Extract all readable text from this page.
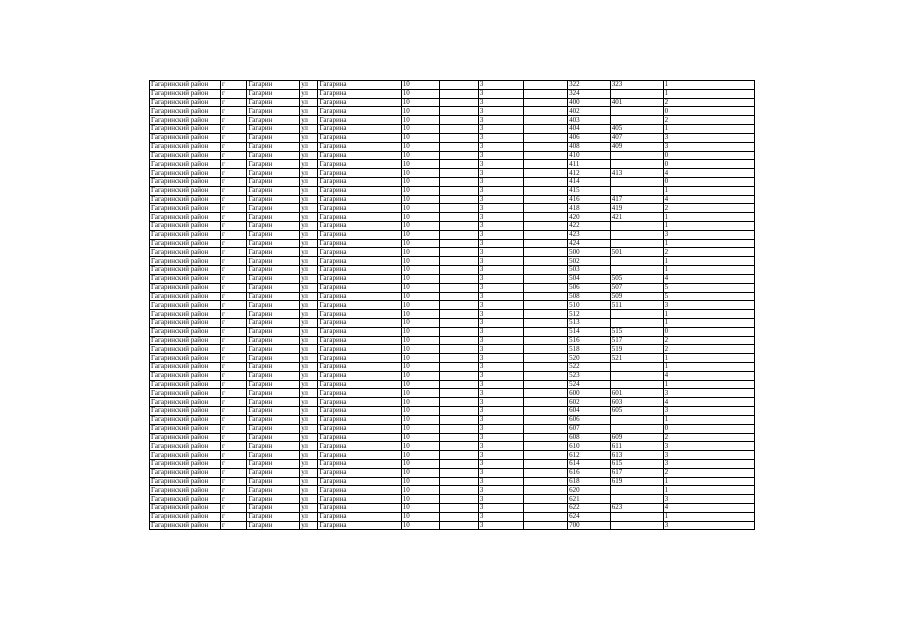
Гагаринский район	г	Гагарин	ул	Гагарина	10		3		322	323	1
Гагаринский район	г	Гагарин	ул	Гагарина	10		3		324		1
Гагаринский район	г	Гагарин	ул	Гагарина	10		3		400	401	2
Гагаринский район	г	Гагарин	ул	Гагарина	10		3		402		0
Гагаринский район	г	Гагарин	ул	Гагарина	10		3		403		2
Гагаринский район	г	Гагарин	ул	Гагарина	10		3		404	405	1
Гагаринский район	г	Гагарин	ул	Гагарина	10		3		406	407	3
Гагаринский район	г	Гагарин	ул	Гагарина	10		3		408	409	3
Гагаринский район	г	Гагарин	ул	Гагарина	10		3		410		0
Гагаринский район	г	Гагарин	ул	Гагарина	10		3		411		0
Гагаринский район	г	Гагарин	ул	Гагарина	10		3		412	413	4
Гагаринский район	г	Гагарин	ул	Гагарина	10		3		414		0
Гагаринский район	г	Гагарин	ул	Гагарина	10		3		415		1
Гагаринский район	г	Гагарин	ул	Гагарина	10		3		416	417	4
Гагаринский район	г	Гагарин	ул	Гагарина	10		3		418	419	2
Гагаринский район	г	Гагарин	ул	Гагарина	10		3		420	421	1
Гагаринский район	г	Гагарин	ул	Гагарина	10		3		422		1
Гагаринский район	г	Гагарин	ул	Гагарина	10		3		423		3
Гагаринский район	г	Гагарин	ул	Гагарина	10		3		424		1
Гагаринский район	г	Гагарин	ул	Гагарина	10		3		500	501	2
Гагаринский район	г	Гагарин	ул	Гагарина	10		3		502		1
Гагаринский район	г	Гагарин	ул	Гагарина	10		3		503		1
Гагаринский район	г	Гагарин	ул	Гагарина	10		3		504	505	4
Гагаринский район	г	Гагарин	ул	Гагарина	10		3		506	507	5
Гагаринский район	г	Гагарин	ул	Гагарина	10		3		508	509	5
Гагаринский район	г	Гагарин	ул	Гагарина	10		3		510	511	3
Гагаринский район	г	Гагарин	ул	Гагарина	10		3		512		1
Гагаринский район	г	Гагарин	ул	Гагарина	10		3		513		1
Гагаринский район	г	Гагарин	ул	Гагарина	10		3		514	515	0
Гагаринский район	г	Гагарин	ул	Гагарина	10		3		516	517	2
Гагаринский район	г	Гагарин	ул	Гагарина	10		3		518	519	2
Гагаринский район	г	Гагарин	ул	Гагарина	10		3		520	521	1
Гагаринский район	г	Гагарин	ул	Гагарина	10		3		522		1
Гагаринский район	г	Гагарин	ул	Гагарина	10		3		523		4
Гагаринский район	г	Гагарин	ул	Гагарина	10		3		524		1
Гагаринский район	г	Гагарин	ул	Гагарина	10		3		600	601	3
Гагаринский район	г	Гагарин	ул	Гагарина	10		3		602	603	4
Гагаринский район	г	Гагарин	ул	Гагарина	10		3		604	605	3
Гагаринский район	г	Гагарин	ул	Гагарина	10		3		606		1
Гагаринский район	г	Гагарин	ул	Гагарина	10		3		607		0
Гагаринский район	г	Гагарин	ул	Гагарина	10		3		608	609	2
Гагаринский район	г	Гагарин	ул	Гагарина	10		3		610	611	3
Гагаринский район	г	Гагарин	ул	Гагарина	10		3		612	613	3
Гагаринский район	г	Гагарин	ул	Гагарина	10		3		614	615	3
Гагаринский район	г	Гагарин	ул	Гагарина	10		3		616	617	2
Гагаринский район	г	Гагарин	ул	Гагарина	10		3		618	619	1
Гагаринский район	г	Гагарин	ул	Гагарина	10		3		620		1
Гагаринский район	г	Гагарин	ул	Гагарина	10		3		621		3
Гагаринский район	г	Гагарин	ул	Гагарина	10		3		622	623	4
Гагаринский район	г	Гагарин	ул	Гагарина	10		3		624		1
Гагаринский район	г	Гагарин	ул	Гагарина	10		3		700		3
